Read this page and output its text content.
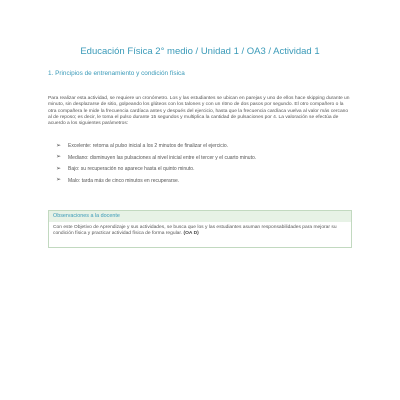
Educación Física 2° medio / Unidad 1 / OA3 / Actividad 1
1. Principios de entrenamiento y condición física

Para realizar esta actividad, se requiere un cronómetro. Los y las estudiantes se ubican en parejas y uno de ellos hace skipping durante un minuto, sin desplazarse de sitio, golpeando los glúteos con los talones y con un ritmo de dos pasos por segundo. El otro compañero o la otra compañera le mide la frecuencia cardíaca antes y después del ejercicio, hasta que la frecuencia cardíaca vuelva al valor más cercano al de reposo; es decir, le toma el pulso durante 15 segundos y multiplica la cantidad de pulsaciones por 4. La valoración se efectúa de acuerdo a los siguientes parámetros:

➢ Excelente: retorna al pulso inicial a los 2 minutos de finalizar el ejercicio.
➢ Mediano: disminuyen las pulsaciones al nivel inicial entre el tercer y el cuarto minuto.
➢ Bajo: su recuperación no aparece hasta el quinto minuto.
➢ Malo: tarda más de cinco minutos en recuperarse.
Observaciones a la docente

Con este Objetivo de Aprendizaje y sus actividades, se busca que los y las estudiantes asuman responsabilidades para mejorar su condición física y practicar actividad física de forma regular. (OA D)
